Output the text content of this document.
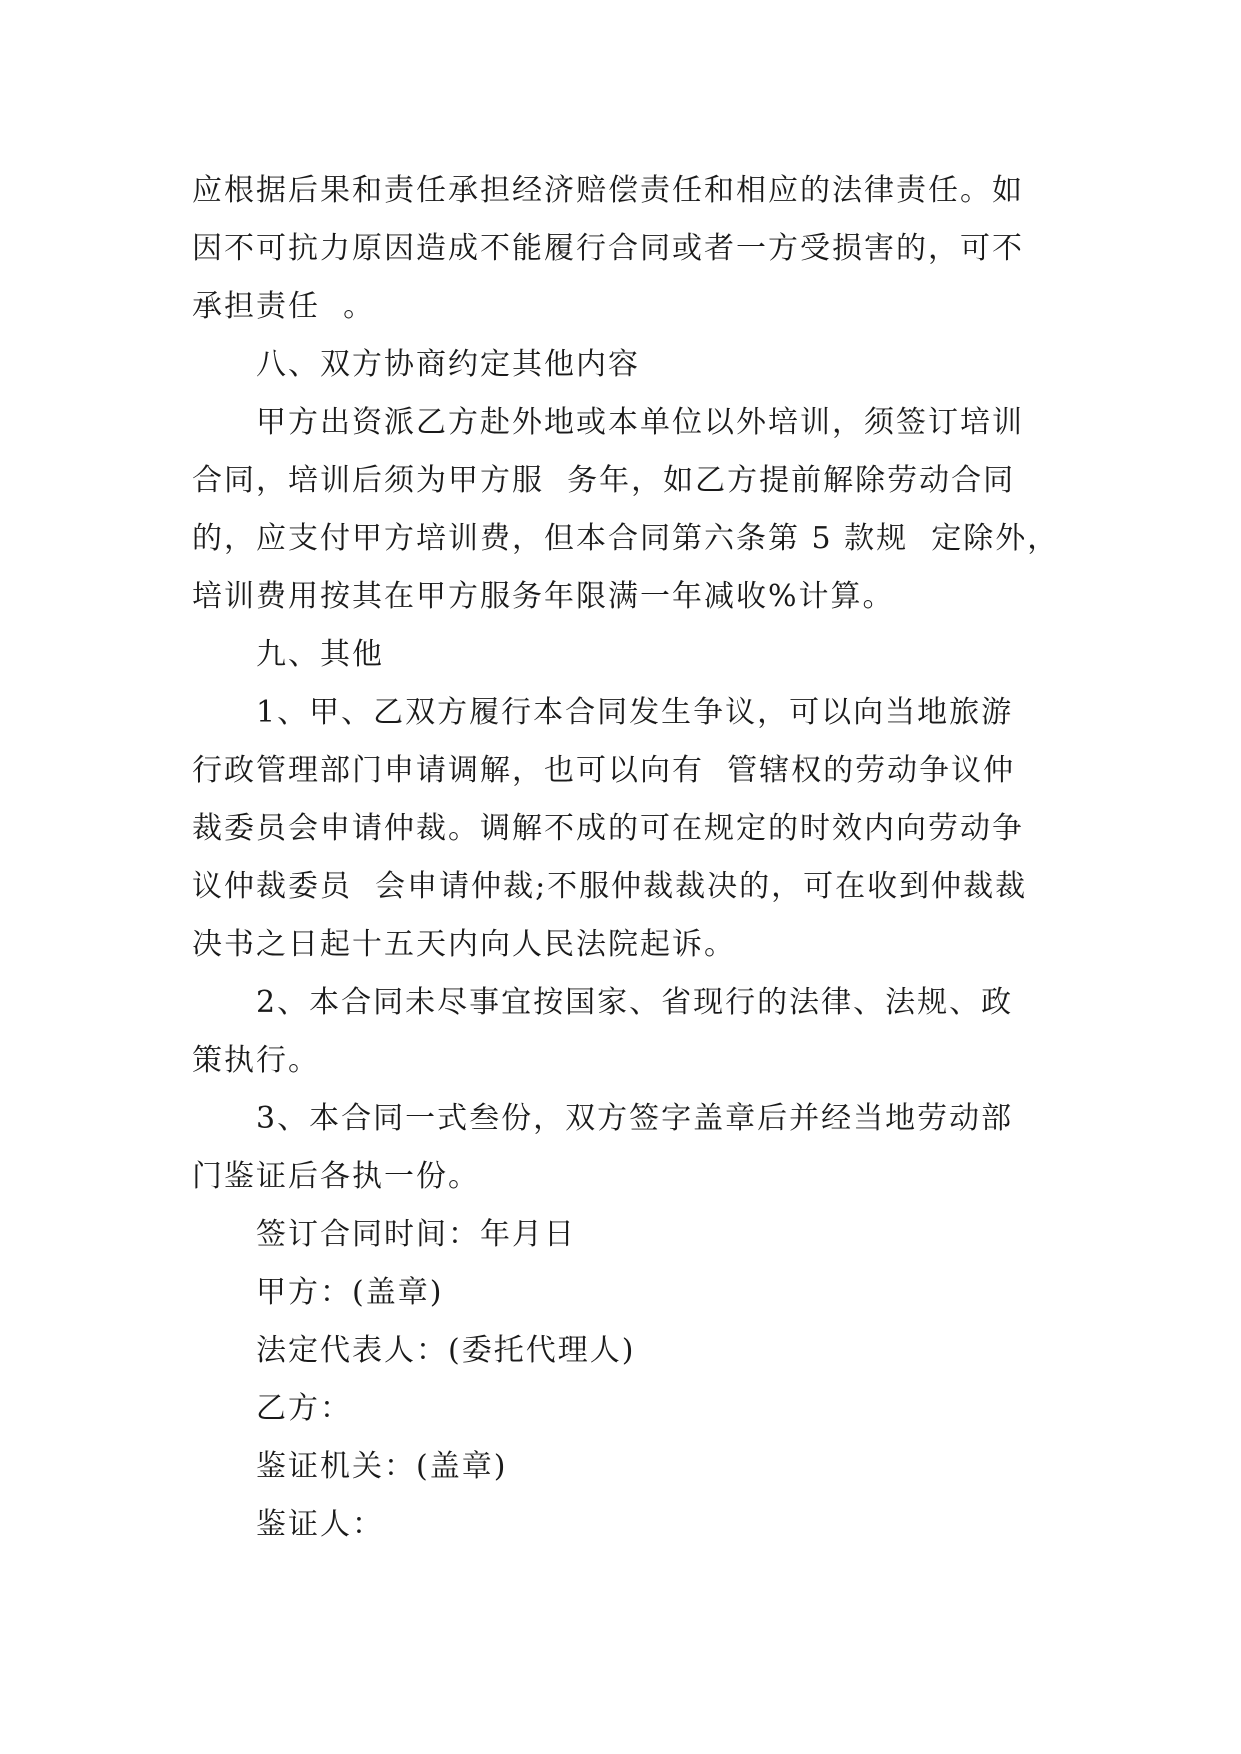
应根据后果和责任承担经济赔偿责任和相应的法律责任。如
因不可抗力原因造成不能履行合同或者一方受损害的，可不
承担责任  。
八、双方协商约定其他内容
甲方出资派乙方赴外地或本单位以外培训，须签订培训
合同，培训后须为甲方服  务年，如乙方提前解除劳动合同
的，应支付甲方培训费，但本合同第六条第 5 款规  定除外，
培训费用按其在甲方服务年限满一年减收%计算。
九、其他
1、甲、乙双方履行本合同发生争议，可以向当地旅游
行政管理部门申请调解，也可以向有  管辖权的劳动争议仲
裁委员会申请仲裁。调解不成的可在规定的时效内向劳动争
议仲裁委员  会申请仲裁;不服仲裁裁决的，可在收到仲裁裁
决书之日起十五天内向人民法院起诉。
2、本合同未尽事宜按国家、省现行的法律、法规、政
策执行。
3、本合同一式叁份，双方签字盖章后并经当地劳动部
门鉴证后各执一份。
签订合同时间：年月日
甲方：(盖章)
法定代表人：(委托代理人)
乙方：
鉴证机关：(盖章)
鉴证人：
